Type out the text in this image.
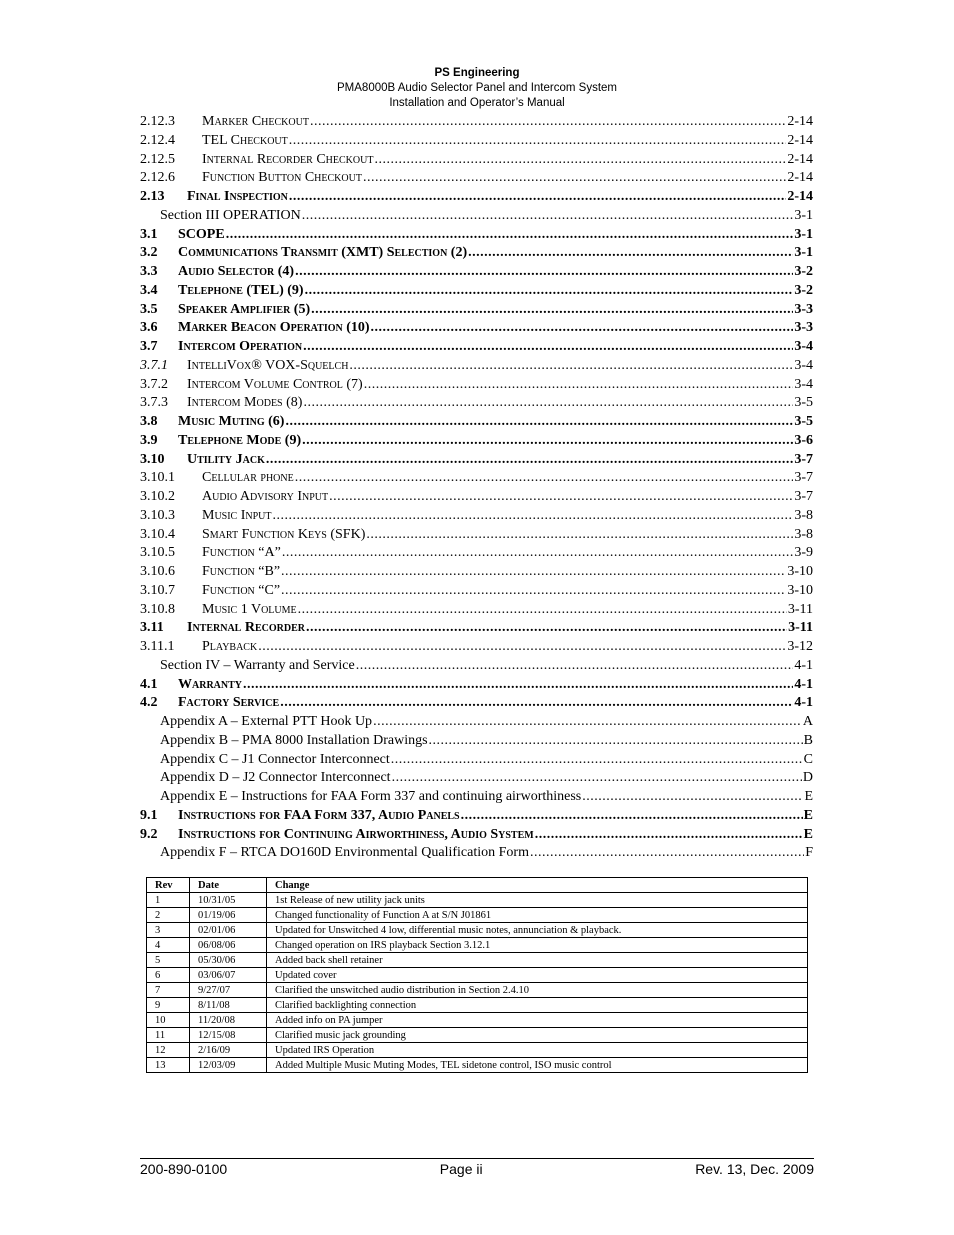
PS Engineering
PMA8000B Audio Selector Panel and Intercom System
Installation and Operator’s Manual
2.12.3	Marker Checkout .....	2-14
2.12.4	TEL Checkout .....	2-14
2.12.5	Internal Recorder Checkout .....	2-14
2.12.6	Function Button Checkout .....	2-14
2.13	Final Inspection .....	2-14
Section III OPERATION .....	3-1
3.1	SCOPE .....	3-1
3.2	Communications Transmit (XMT) Selection (2) .....	3-1
3.3	Audio Selector (4) .....	3-2
3.4	Telephone (TEL) (9) .....	3-2
3.5	Speaker Amplifier (5) .....	3-3
3.6	Marker Beacon Operation (10) .....	3-3
3.7	Intercom Operation .....	3-4
3.7.1	IntelliVox® VOX-Squelch .....	3-4
3.7.2	Intercom Volume Control (7) .....	3-4
3.7.3	Intercom Modes (8) .....	3-5
3.8	Music Muting (6) .....	3-5
3.9	Telephone Mode (9) .....	3-6
3.10	Utility Jack .....	3-7
3.10.1	Cellular phone .....	3-7
3.10.2	Audio Advisory Input .....	3-7
3.10.3	Music Input .....	3-8
3.10.4	Smart Function Keys (SFK) .....	3-8
3.10.5	Function “A” .....	3-9
3.10.6	Function “B” .....	3-10
3.10.7	Function “C” .....	3-10
3.10.8	Music 1 Volume .....	3-11
3.11	Internal Recorder .....	3-11
3.11.1	Playback .....	3-12
Section IV – Warranty and Service .....	4-1
4.1	Warranty .....	4-1
4.2	Factory Service .....	4-1
Appendix A – External PTT Hook Up .....	A
Appendix B – PMA 8000 Installation Drawings .....	B
Appendix C – J1 Connector Interconnect .....	C
Appendix D – J2 Connector Interconnect .....	D
Appendix E – Instructions for FAA Form 337 and continuing airworthiness .....	E
9.1	Instructions for FAA Form 337, Audio Panels .....	E
9.2	Instructions for Continuing Airworthiness, Audio System .....	E
Appendix F – RTCA DO160D Environmental Qualification Form .....	F
Rev	Date	Change
1	10/31/05	1st Release of new utility jack units
2	01/19/06	Changed functionality of Function A at S/N J01861
3	02/01/06	Updated for Unswitched 4 low, differential music notes, annunciation & playback.
4	06/08/06	Changed operation on IRS playback Section 3.12.1
5	05/30/06	Added back shell retainer
6	03/06/07	Updated cover
7	9/27/07	Clarified the unswitched audio distribution in Section 2.4.10
9	8/11/08	Clarified backlighting connection
10	11/20/08	Added info on PA jumper
11	12/15/08	Clarified music jack grounding
12	2/16/09	Updated IRS Operation
13	12/03/09	Added Multiple Music Muting Modes, TEL sidetone control, ISO music control
200-890-0100	Page ii	Rev. 13, Dec. 2009
